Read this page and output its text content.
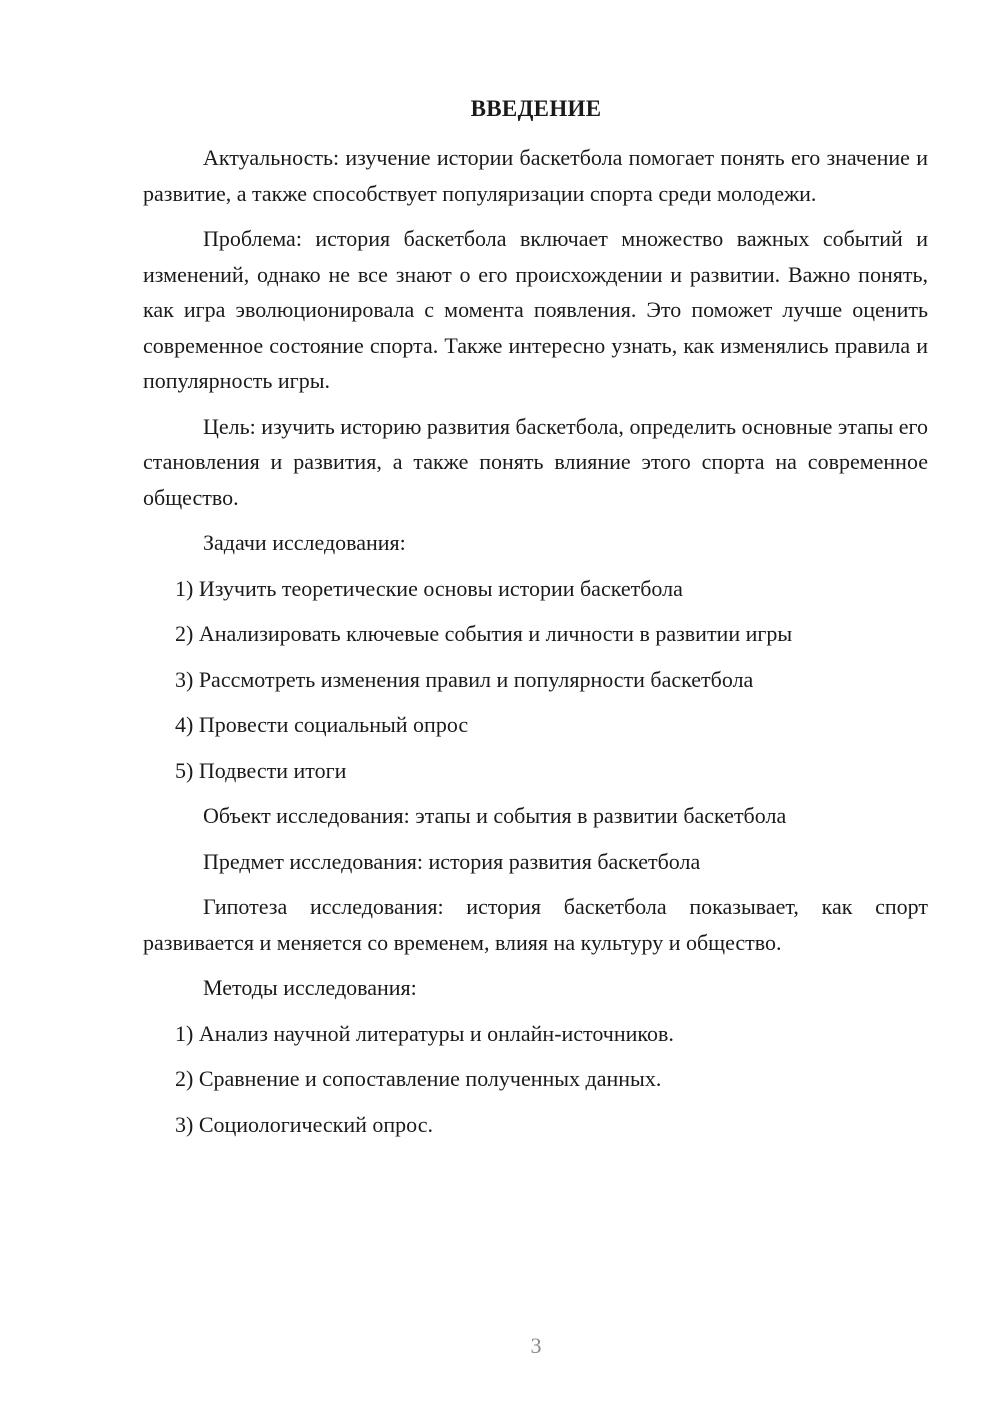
ВВЕДЕНИЕ

Актуальность: изучение истории баскетбола помогает понять его значение и развитие, а также способствует популяризации спорта среди молодежи.

Проблема: история баскетбола включает множество важных событий и изменений, однако не все знают о его происхождении и развитии. Важно понять, как игра эволюционировала с момента появления. Это поможет лучше оценить современное состояние спорта. Также интересно узнать, как изменялись правила и популярность игры.

Цель: изучить историю развития баскетбола, определить основные этапы его становления и развития, а также понять влияние этого спорта на современное общество.

Задачи исследования:

1) Изучить теоретические основы истории баскетбола

2) Анализировать ключевые события и личности в развитии игры

3) Рассмотреть изменения правил и популярности баскетбола

4) Провести социальный опрос

5) Подвести итоги

Объект исследования: этапы и события в развитии баскетбола

Предмет исследования: история развития баскетбола

Гипотеза исследования: история баскетбола показывает, как спорт развивается и меняется со временем, влияя на культуру и общество.

Методы исследования:

1) Анализ научной литературы и онлайн-источников.

2) Сравнение и сопоставление полученных данных.

3) Социологический опрос.

3
